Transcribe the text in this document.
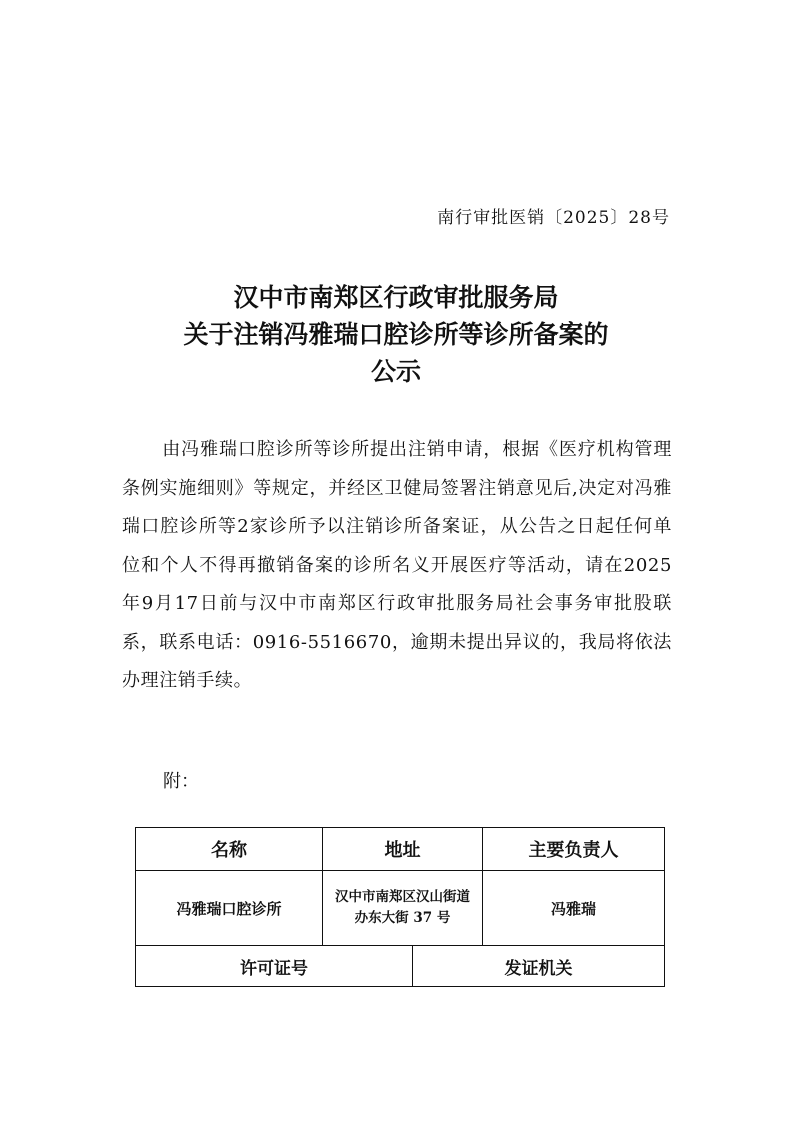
南行审批医销〔2025〕28号
汉中市南郑区行政审批服务局
关于注销冯雅瑞口腔诊所等诊所备案的
公示
由冯雅瑞口腔诊所等诊所提出注销申请，根据《医疗机构管理条例实施细则》等规定，并经区卫健局签署注销意见后,决定对冯雅瑞口腔诊所等2家诊所予以注销诊所备案证，从公告之日起任何单位和个人不得再撤销备案的诊所名义开展医疗等活动，请在2025年9月17日前与汉中市南郑区行政审批服务局社会事务审批股联系，联系电话：0916-5516670，逾期未提出异议的，我局将依法办理注销手续。
附：
名称	地址		主要负责人
冯雅瑞口腔诊所	汉中市南郑区汉山街道办东大街 37 号		冯雅瑞
许可证号		发证机关	
